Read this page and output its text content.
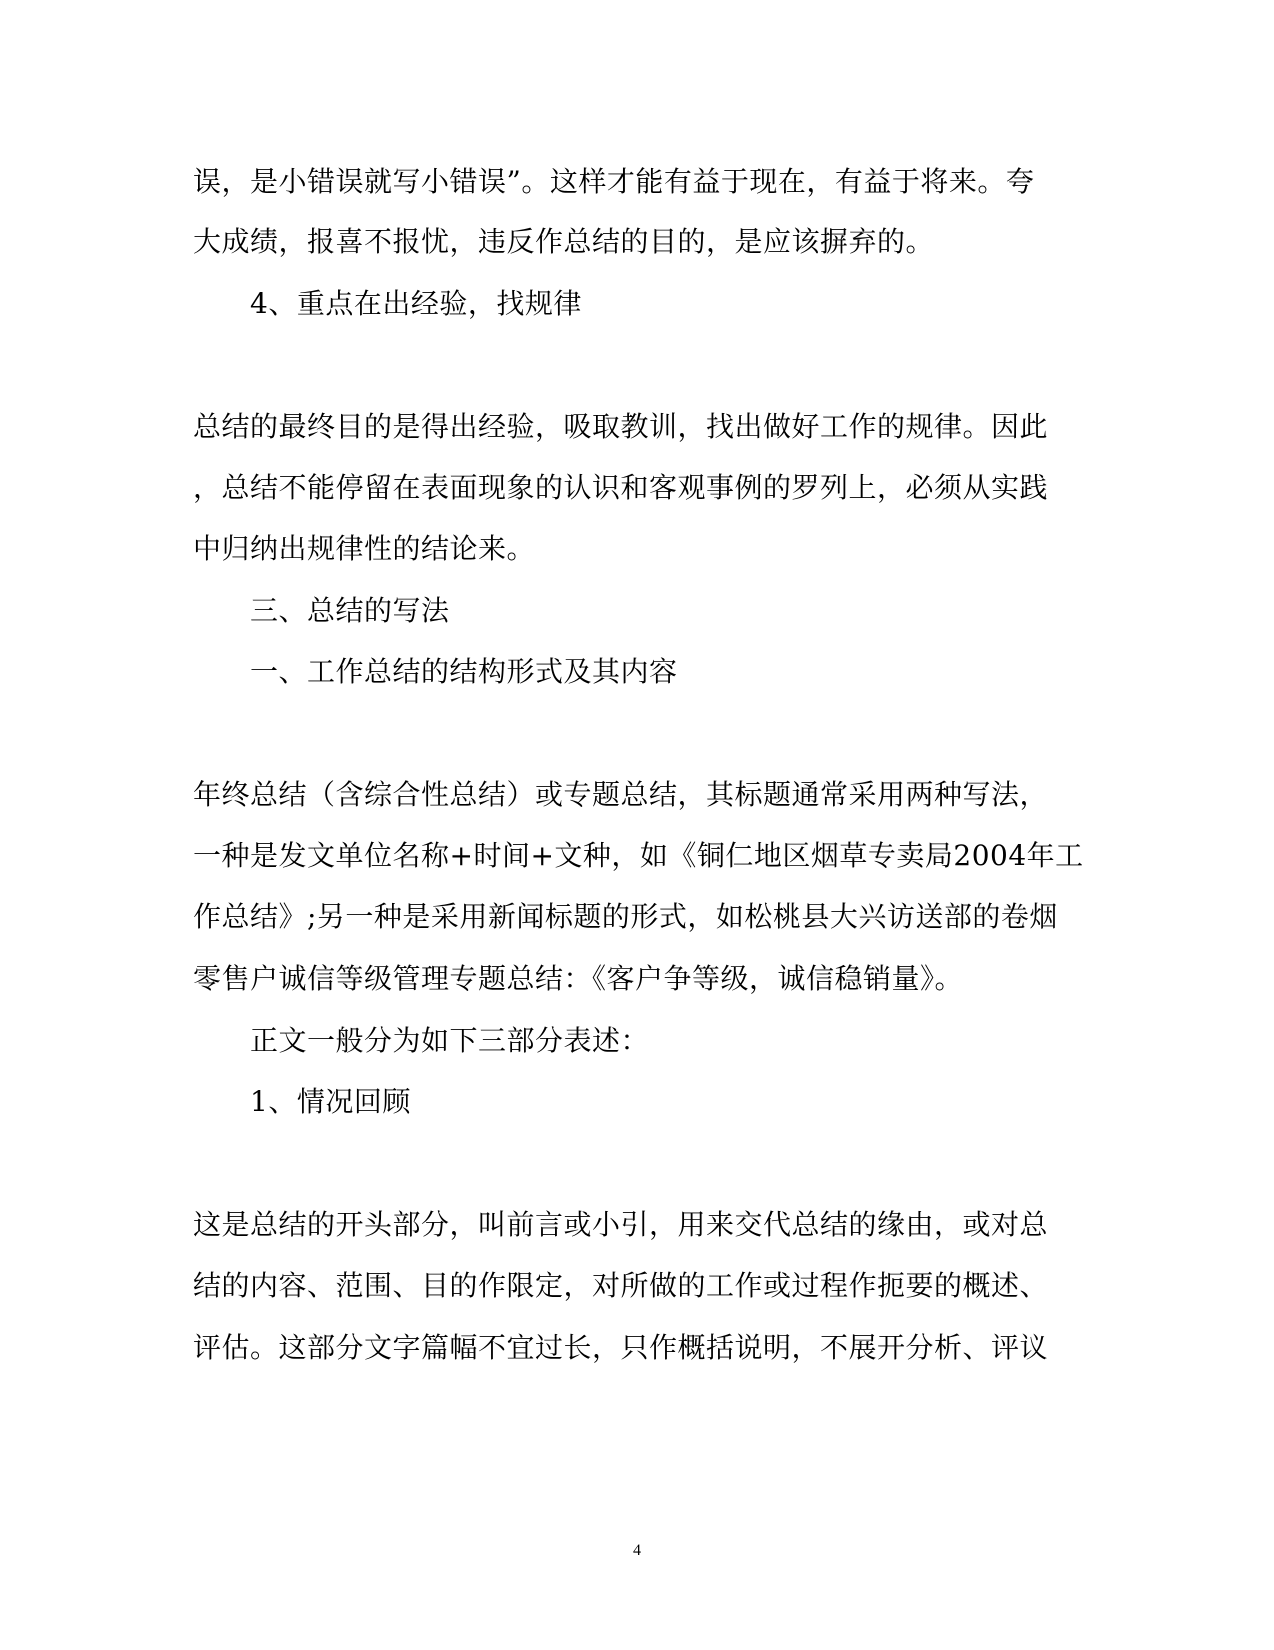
误，是小错误就写小错误”。这样才能有益于现在，有益于将来。夸
大成绩，报喜不报忧，违反作总结的目的，是应该摒弃的。
4、重点在出经验，找规律
总结的最终目的是得出经验，吸取教训，找出做好工作的规律。因此
，总结不能停留在表面现象的认识和客观事例的罗列上，必须从实践
中归纳出规律性的结论来。
三、总结的写法
一、工作总结的结构形式及其内容
年终总结（含综合性总结）或专题总结，其标题通常采用两种写法，
一种是发文单位名称+时间+文种，如《铜仁地区烟草专卖局2004年工
作总结》;另一种是采用新闻标题的形式，如松桃县大兴访送部的卷烟
零售户诚信等级管理专题总结：《客户争等级，诚信稳销量》。
正文一般分为如下三部分表述：
1、情况回顾
这是总结的开头部分，叫前言或小引，用来交代总结的缘由，或对总
结的内容、范围、目的作限定，对所做的工作或过程作扼要的概述、
评估。这部分文字篇幅不宜过长，只作概括说明，不展开分析、评议
4
